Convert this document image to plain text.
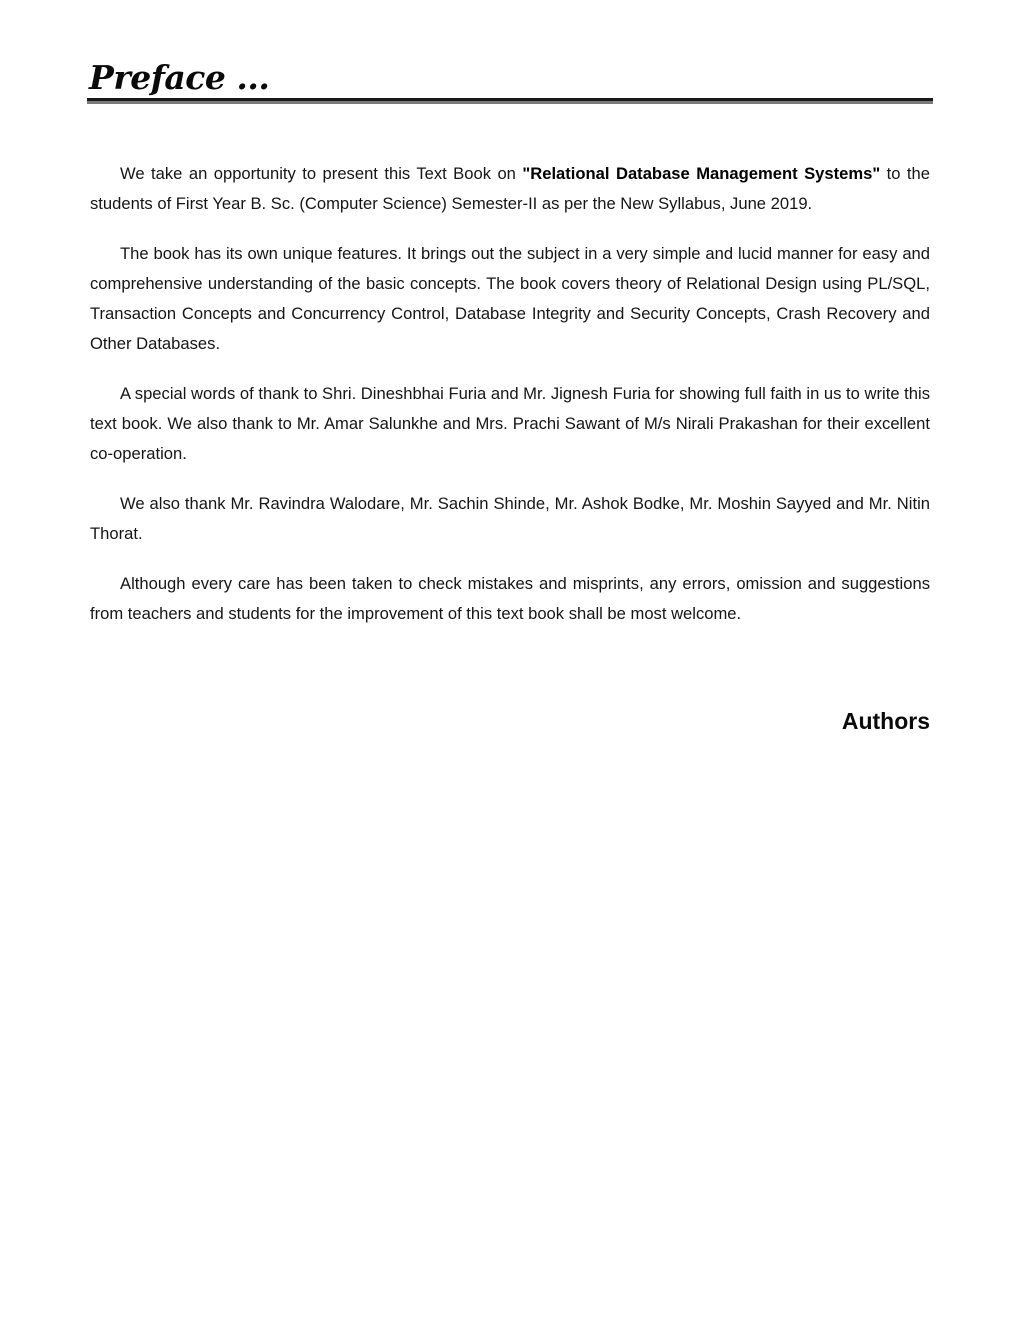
Preface ...

We take an opportunity to present this Text Book on "Relational Database Management Systems" to the students of First Year B. Sc. (Computer Science) Semester-II as per the New Syllabus, June 2019.

The book has its own unique features. It brings out the subject in a very simple and lucid manner for easy and comprehensive understanding of the basic concepts. The book covers theory of Relational Design using PL/SQL, Transaction Concepts and Concurrency Control, Database Integrity and Security Concepts, Crash Recovery and Other Databases.

A special words of thank to Shri. Dineshbhai Furia and Mr. Jignesh Furia for showing full faith in us to write this text book. We also thank to Mr. Amar Salunkhe and Mrs. Prachi Sawant of M/s Nirali Prakashan for their excellent co-operation.

We also thank Mr. Ravindra Walodare, Mr. Sachin Shinde, Mr. Ashok Bodke, Mr. Moshin Sayyed and Mr. Nitin Thorat.

Although every care has been taken to check mistakes and misprints, any errors, omission and suggestions from teachers and students for the improvement of this text book shall be most welcome.

Authors
